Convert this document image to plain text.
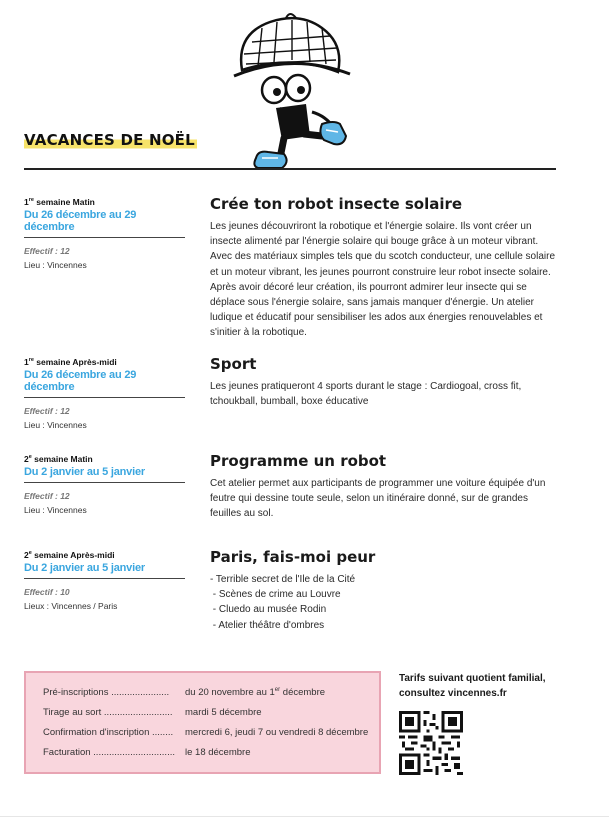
VACANCES DE NOËL
1re semaine Matin
Du 26 décembre au 29 décembre
Effectif : 12
Lieu : Vincennes
1re semaine Après-midi
Du 26 décembre au 29 décembre
Effectif : 12
Lieu : Vincennes
2e semaine Matin
Du 2 janvier au 5 janvier
Effectif : 12
Lieu : Vincennes
2e semaine Après-midi
Du 2 janvier au 5 janvier
Effectif : 10
Lieux : Vincennes / Paris
Crée ton robot insecte solaire

Les jeunes découvriront la robotique et l'énergie solaire. Ils vont créer un insecte alimenté par l'énergie solaire qui bouge grâce à un moteur vibrant. Avec des matériaux simples tels que du scotch conducteur, une cellule solaire et un moteur vibrant, les jeunes pourront construire leur robot insecte solaire. Après avoir décoré leur création, ils pourront admirer leur insecte qui se déplace sous l'énergie solaire, sans jamais manquer d'énergie. Un atelier ludique et éducatif pour sensibiliser les ados aux énergies renouvelables et s'initier à la robotique.

Sport

Les jeunes pratiqueront 4 sports durant le stage : Cardiogoal, cross fit, tchoukball, bumball, boxe éducative

Programme un robot

Cet atelier permet aux participants de programmer une voiture équipée d'un feutre qui dessine toute seule, selon un itinéraire donné, sur de grandes feuilles au sol.

Paris, fais-moi peur
- Terrible secret de l'Ile de la Cité
- Scènes de crime au Louvre
- Cluedo au musée Rodin
- Atelier théâtre d'ombres
Pré-inscriptions ...................... du 20 novembre au 1er décembre
Tirage au sort .......................... mardi 5 décembre
Confirmation d'inscription ........ mercredi 6, jeudi 7 ou vendredi 8 décembre
Facturation ............................... le 18 décembre
Tarifs suivant quotient familial,
consultez vincennes.fr
